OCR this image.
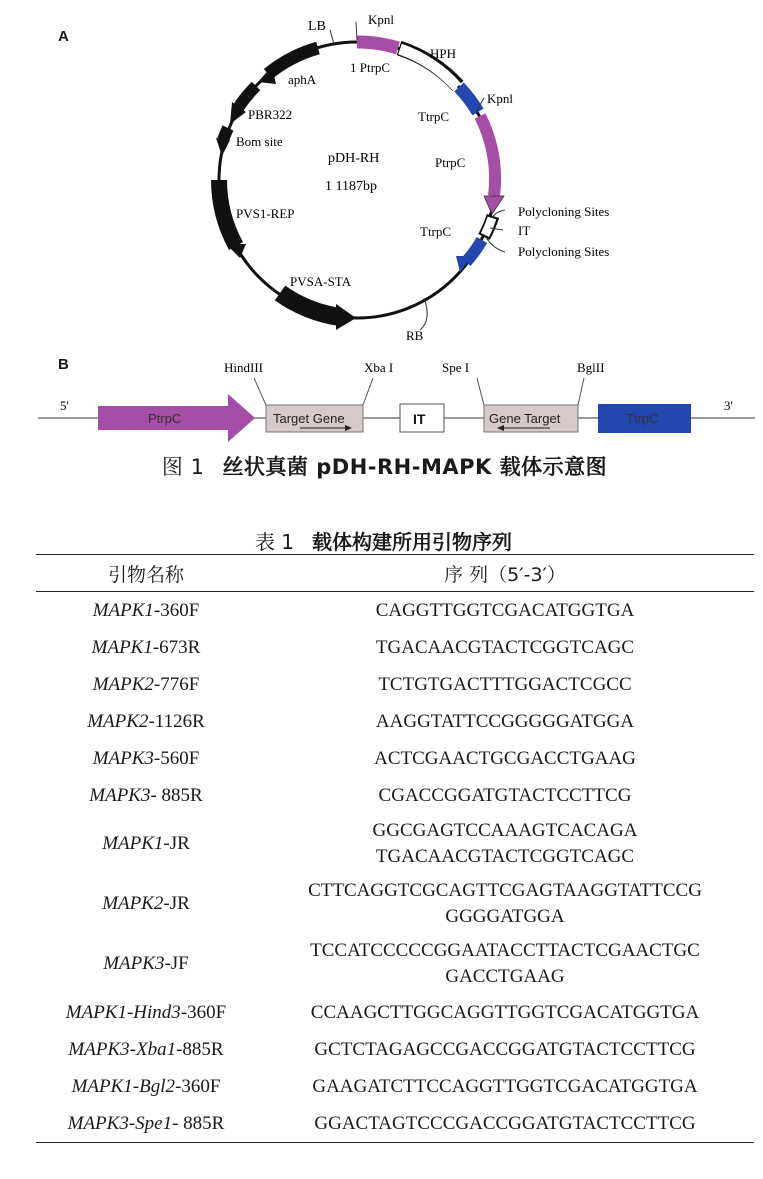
A
LB	Kpnl
HPH
1 PtrpC
Kpnl
TtrpC
PtrpC
Polycloning Sites
IT
Polycloning Sites
TtrpC
aphA
PBR322
Bom site
PVS1-REP
PVSA-STA
RB
pDH-RH
1 1187bp
B
5'	3'
PtrpC	Target Gene	IT	Gene Target	TtrpC
HindIII	Xba I	Spe I	BglII
图 1 丝状真菌 pDH-RH-MAPK 载体示意图
表 1 载体构建所用引物序列
引物名称	序 列（5′-3′）
MAPK1-360F	CAGGTTGGTCGACATGGTGA

MAPK1-673R	TGACAACGTACTCGGTCAGC

MAPK2-776F	TCTGTGACTTTGGACTCGCC

MAPK2-1126R	AAGGTATTCCGGGGGATGGA

MAPK3-560F	ACTCGAACTGCGACCTGAAG

MAPK3- 885R	CGACCGGATGTACTCCTTCG

MAPK1-JR	GGCGAGTCCAAAGTCACAGA
TGACAACGTACTCGGTCAGC

MAPK2-JR	CTTCAGGTCGCAGTTCGAGTAAGGTATTCCG
GGGGATGGA

MAPK3-JF	TCCATCCCCCGGAATACCTTACTCGAACTGC
GACCTGAAG

MAPK1-Hind3-360F	CCAAGCTTGGCAGGTTGGTCGACATGGTGA

MAPK3-Xba1-885R	GCTCTAGAGCCGACCGGATGTACTCCTTCG

MAPK1-Bgl2-360F	GAAGATCTTCCAGGTTGGTCGACATGGTGA

MAPK3-Spe1- 885R	GGACTAGTCCCGACCGGATGTACTCCTTCG
